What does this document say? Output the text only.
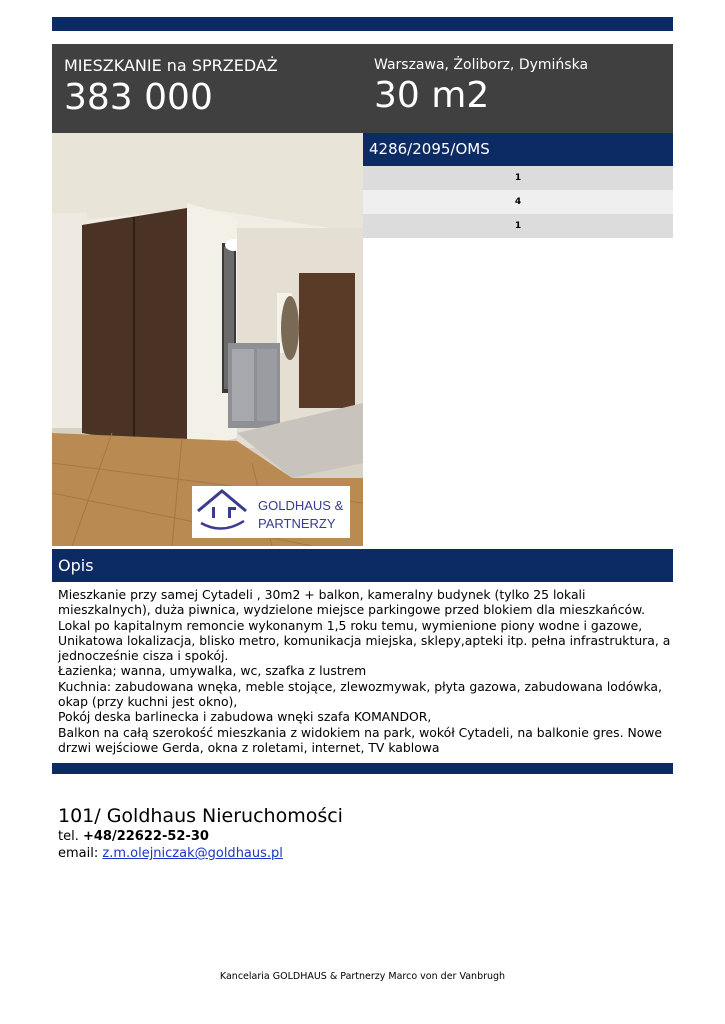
MIESZKANIE na SPRZEDAŻ
383 000
Warszawa, Żoliborz, Dymińska
30 m2
GOLDHAUS &
PARTNERZY
4286/2095/OMS
1
4
1
Opis

Mieszkanie przy samej Cytadeli , 30m2 + balkon, kameralny budynek (tylko 25 lokali

mieszkalnych), duża piwnica, wydzielone miejsce parkingowe przed blokiem dla mieszkańców.

Lokal po kapitalnym remoncie wykonanym 1,5 roku temu, wymienione piony wodne i gazowe,

Unikatowa lokalizacja, blisko metro, komunikacja miejska, sklepy,apteki itp. pełna infrastruktura, a

jednocześnie cisza i spokój.

Łazienka; wanna, umywalka, wc, szafka z lustrem

Kuchnia: zabudowana wnęka, meble stojące, zlewozmywak, płyta gazowa, zabudowana lodówka,

okap (przy kuchni jest okno),

Pokój deska barlinecka i zabudowa wnęki szafa KOMANDOR,

Balkon na całą szerokość mieszkania z widokiem na park, wokół Cytadeli, na balkonie gres. Nowe

drzwi wejściowe Gerda, okna z roletami, internet, TV kablowa

101/ Goldhaus Nieruchomości
tel. +48/22622-52-30
email: z.m.olejniczak@goldhaus.pl
Kancelaria GOLDHAUS & Partnerzy Marco von der Vanbrugh
